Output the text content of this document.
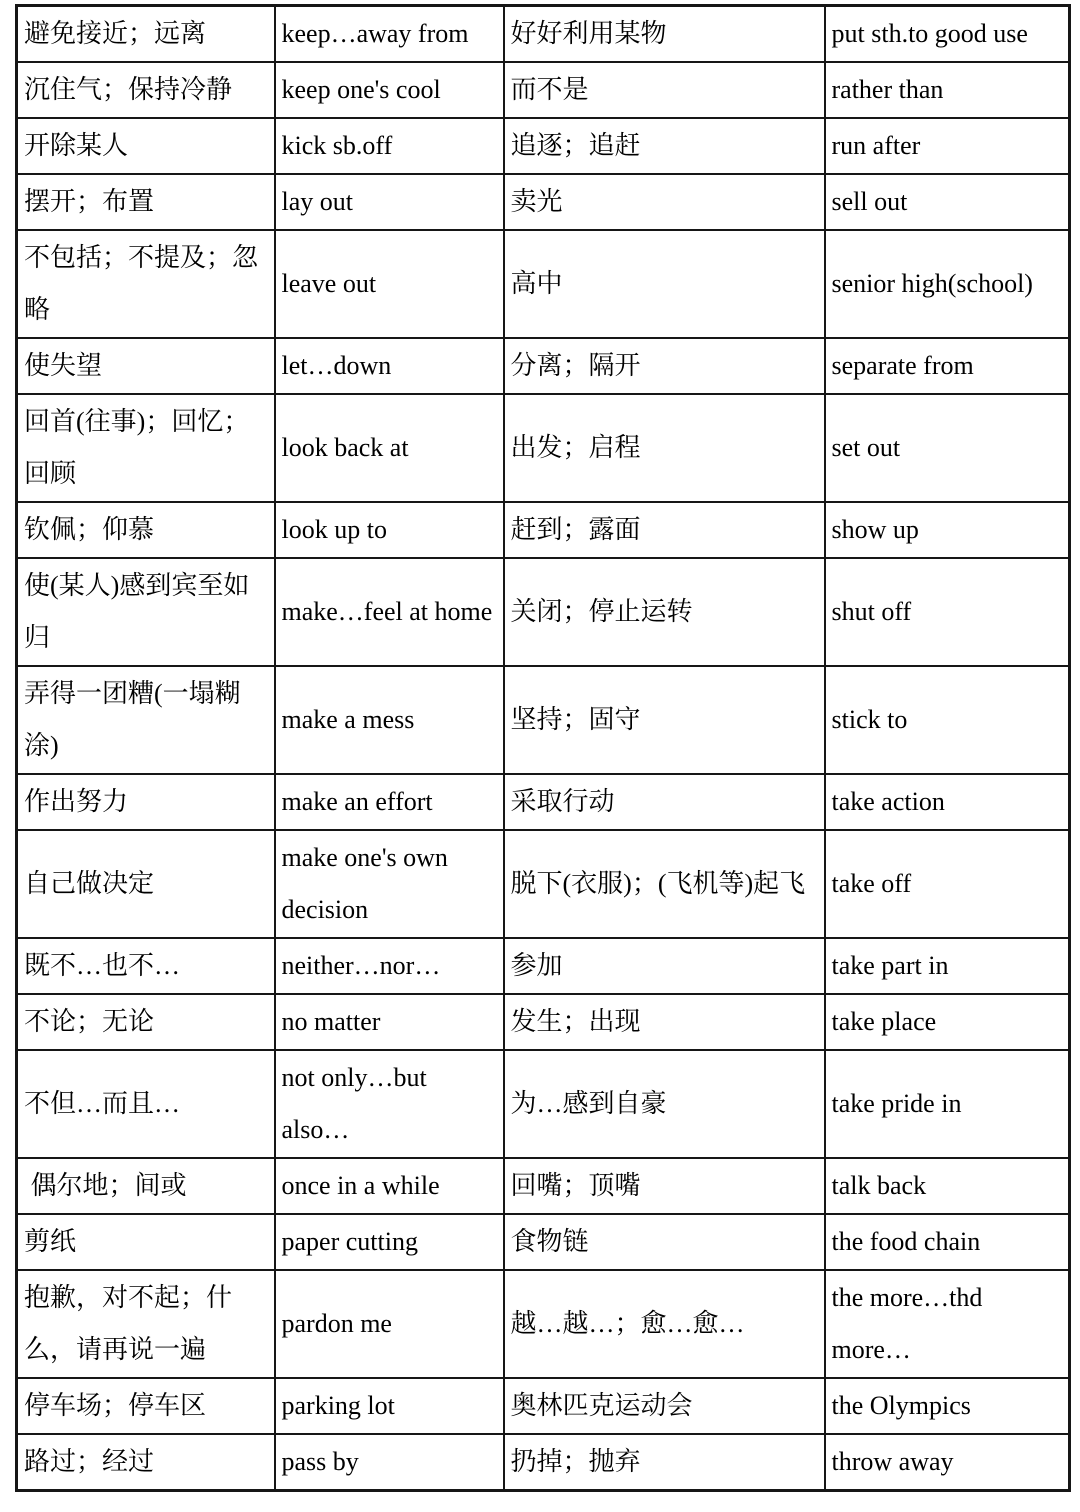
避免接近；远离	keep…away from	好好利用某物	put sth.to good use
沉住气；保持冷静	keep one's cool	而不是	rather than
开除某人	kick sb.off	追逐；追赶	run after
摆开；布置	lay out	卖光	sell out
不包括；不提及；忽略	leave out	高中	senior high(school)
使失望	let…down	分离；隔开	separate from
回首(往事)；回忆；回顾	look back at	出发；启程	set out
钦佩；仰慕	look up to	赶到；露面	show up
使(某人)感到宾至如归	make…feel at home	关闭；停止运转	shut off
弄得一团糟(一塌糊涂)	make a mess	坚持；固守	stick to
作出努力	make an effort	采取行动	take action
自己做决定	make one's own decision	脱下(衣服)；(飞机等)起飞	take off
既不…也不…	neither…nor…	参加	take part in
不论；无论	no matter	发生；出现	take place
不但…而且…	not only…but also…	为…感到自豪	take pride in
偶尔地；间或	once in a while	回嘴；顶嘴	talk back
剪纸	paper cutting	食物链	the food chain
抱歉，对不起；什么，请再说一遍	pardon me	越…越…；愈…愈…	the more…thd more…
停车场；停车区	parking lot	奥林匹克运动会	the Olympics
路过；经过	pass by	扔掉；抛弃	throw away
